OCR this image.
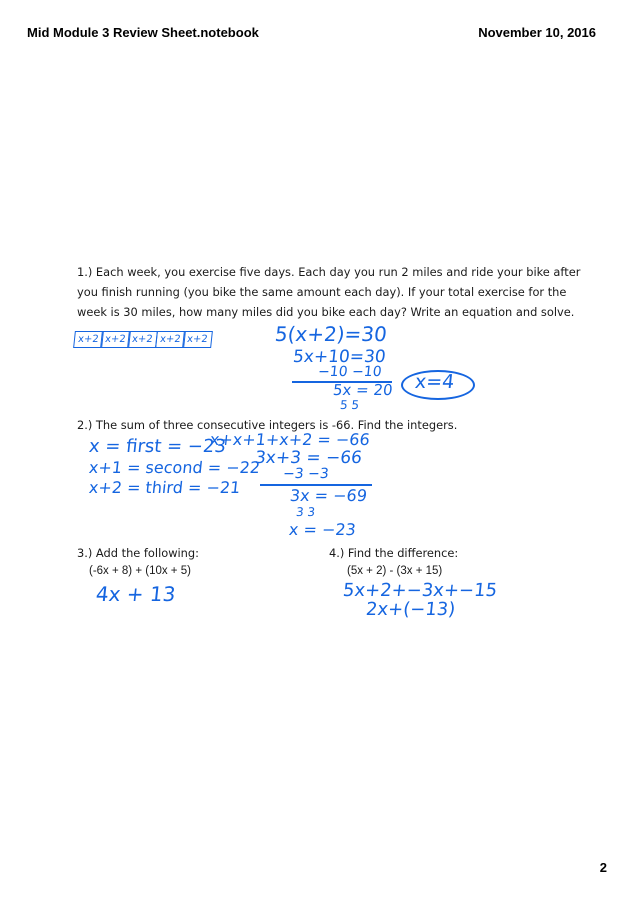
Mid Module 3 Review Sheet.notebook	November 10, 2016
1.) Each week, you exercise five days. Each day you run 2 miles and ride your bike after
you finish running (you bike the same amount each day). If your total exercise for the
week is 30 miles, how many miles did you bike each day? Write an equation and solve.
x+2 x+2 x+2 x+2 x+2	5(x+2)=30
5x+10=30
−10 −10
5x = 20
5 5
x=4
2.) The sum of three consecutive integers is -66. Find the integers.
x = first = −23
x+1 = second = −22
x+2 = third = −21
x+x+1+x+2 = −66
3x+3 = −66
−3 −3
3x = −69
3 3
x = −23
3.) Add the following:
(-6x + 8) + (10x + 5)
4x + 13
4.) Find the difference:
(5x + 2) - (3x + 15)
5x+2+−3x+−15
2x+(−13)
2
